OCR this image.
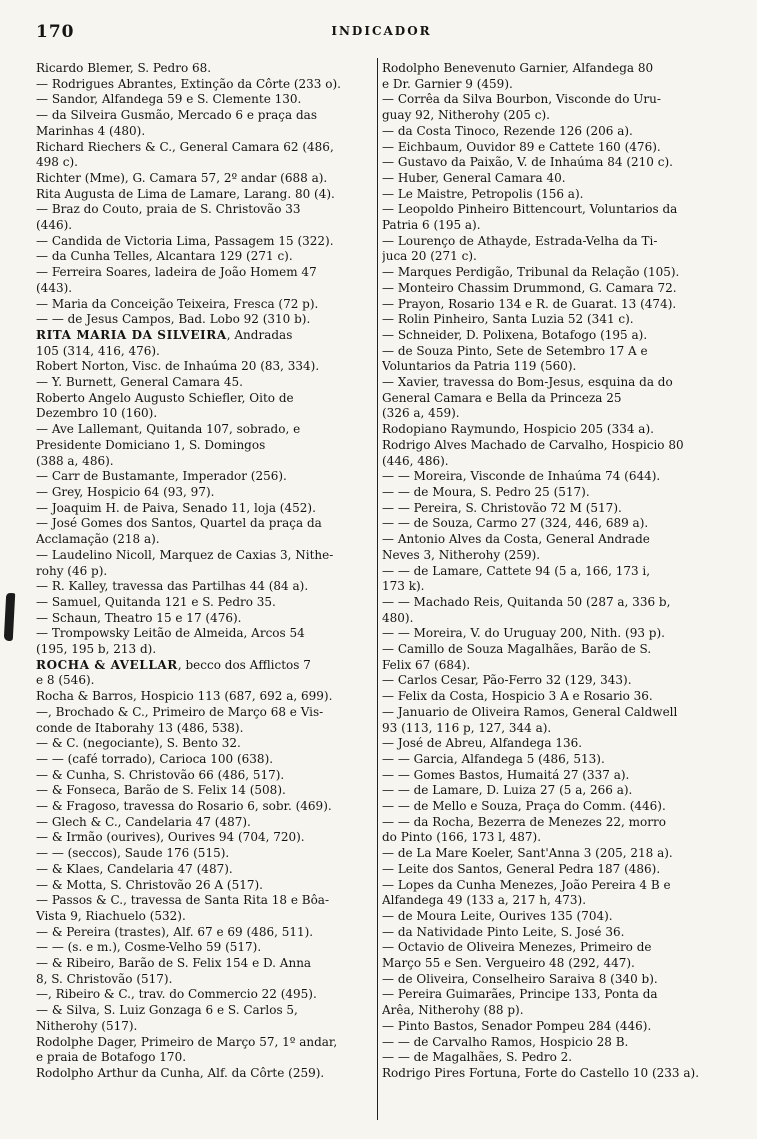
170	INDICADOR
Ricardo Blemer, S. Pedro 68.
— Rodrigues Abrantes, Extinção da Côrte (233 o).
— Sandor, Alfandega 59 e S. Clemente 130.
— da Silveira Gusmão, Mercado 6 e praça das
Marinhas 4 (480).
Richard Riechers & C., General Camara 62 (486,
498 c).
Richter (Mme), G. Camara 57, 2º andar (688 a).
Rita Augusta de Lima de Lamare, Larang. 80 (4).
— Braz do Couto, praia de S. Christovão 33
(446).
— Candida de Victoria Lima, Passagem 15 (322).
— da Cunha Telles, Alcantara 129 (271 c).
— Ferreira Soares, ladeira de João Homem 47
(443).
— Maria da Conceição Teixeira, Fresca (72 p).
— — de Jesus Campos, Bad. Lobo 92 (310 b).
RITA MARIA DA SILVEIRA, Andradas
105 (314, 416, 476).
Robert Norton, Visc. de Inhaúma 20 (83, 334).
— Y. Burnett, General Camara 45.
Roberto Angelo Augusto Schiefler, Oito de
Dezembro 10 (160).
— Ave Lallemant, Quitanda 107, sobrado, e
Presidente Domiciano 1, S. Domingos
(388 a, 486).
— Carr de Bustamante, Imperador (256).
— Grey, Hospicio 64 (93, 97).
— Joaquim H. de Paiva, Senado 11, loja (452).
— José Gomes dos Santos, Quartel da praça da
Acclamação (218 a).
— Laudelino Nicoll, Marquez de Caxias 3, Nithe-
rohy (46 p).
— R. Kalley, travessa das Partilhas 44 (84 a).
— Samuel, Quitanda 121 e S. Pedro 35.
— Schaun, Theatro 15 e 17 (476).
— Trompowsky Leitão de Almeida, Arcos 54
(195, 195 b, 213 d).
ROCHA & AVELLAR, becco dos Afflictos 7
e 8 (546).
Rocha & Barros, Hospicio 113 (687, 692 a, 699).
—, Brochado & C., Primeiro de Março 68 e Vis-
conde de Itaborahy 13 (486, 538).
— & C. (negociante), S. Bento 32.
— — (café torrado), Carioca 100 (638).
— & Cunha, S. Christovão 66 (486, 517).
— & Fonseca, Barão de S. Felix 14 (508).
— & Fragoso, travessa do Rosario 6, sobr. (469).
— Glech & C., Candelaria 47 (487).
— & Irmão (ourives), Ourives 94 (704, 720).
— — (seccos), Saude 176 (515).
— & Klaes, Candelaria 47 (487).
— & Motta, S. Christovão 26 A (517).
— Passos & C., travessa de Santa Rita 18 e Bôa-
Vista 9, Riachuelo (532).
— & Pereira (trastes), Alf. 67 e 69 (486, 511).
— — (s. e m.), Cosme-Velho 59 (517).
— & Ribeiro, Barão de S. Felix 154 e D. Anna
8, S. Christovão (517).
—, Ribeiro & C., trav. do Commercio 22 (495).
— & Silva, S. Luiz Gonzaga 6 e S. Carlos 5,
Nitherohy (517).
Rodolphe Dager, Primeiro de Março 57, 1º andar,
e praia de Botafogo 170.
Rodolpho Arthur da Cunha, Alf. da Côrte (259).
Rodolpho Benevenuto Garnier, Alfandega 80
e Dr. Garnier 9 (459).
— Corrêa da Silva Bourbon, Visconde do Uru-
guay 92, Nitherohy (205 c).
— da Costa Tinoco, Rezende 126 (206 a).
— Eichbaum, Ouvidor 89 e Cattete 160 (476).
— Gustavo da Paixão, V. de Inhaúma 84 (210 c).
— Huber, General Camara 40.
— Le Maistre, Petropolis (156 a).
— Leopoldo Pinheiro Bittencourt, Voluntarios da
Patria 6 (195 a).
— Lourenço de Athayde, Estrada-Velha da Ti-
juca 20 (271 c).
— Marques Perdigão, Tribunal da Relação (105).
— Monteiro Chassim Drummond, G. Camara 72.
— Prayon, Rosario 134 e R. de Guarat. 13 (474).
— Rolin Pinheiro, Santa Luzia 52 (341 c).
— Schneider, D. Polixena, Botafogo (195 a).
— de Souza Pinto, Sete de Setembro 17 A e
Voluntarios da Patria 119 (560).
— Xavier, travessa do Bom-Jesus, esquina da do
General Camara e Bella da Princeza 25
(326 a, 459).
Rodopiano Raymundo, Hospicio 205 (334 a).
Rodrigo Alves Machado de Carvalho, Hospicio 80
(446, 486).
— — Moreira, Visconde de Inhaúma 74 (644).
— — de Moura, S. Pedro 25 (517).
— — Pereira, S. Christovão 72 M (517).
— — de Souza, Carmo 27 (324, 446, 689 a).
— Antonio Alves da Costa, General Andrade
Neves 3, Nitherohy (259).
— — de Lamare, Cattete 94 (5 a, 166, 173 i,
173 k).
— — Machado Reis, Quitanda 50 (287 a, 336 b,
480).
— — Moreira, V. do Uruguay 200, Nith. (93 p).
— Camillo de Souza Magalhães, Barão de S.
Felix 67 (684).
— Carlos Cesar, Pão-Ferro 32 (129, 343).
— Felix da Costa, Hospicio 3 A e Rosario 36.
— Januario de Oliveira Ramos, General Caldwell
93 (113, 116 p, 127, 344 a).
— José de Abreu, Alfandega 136.
— — Garcia, Alfandega 5 (486, 513).
— — Gomes Bastos, Humaitá 27 (337 a).
— — de Lamare, D. Luiza 27 (5 a, 266 a).
— — de Mello e Souza, Praça do Comm. (446).
— — da Rocha, Bezerra de Menezes 22, morro
do Pinto (166, 173 l, 487).
— de La Mare Koeler, Sant'Anna 3 (205, 218 a).
— Leite dos Santos, General Pedra 187 (486).
— Lopes da Cunha Menezes, João Pereira 4 B e
Alfandega 49 (133 a, 217 h, 473).
— de Moura Leite, Ourives 135 (704).
— da Natividade Pinto Leite, S. José 36.
— Octavio de Oliveira Menezes, Primeiro de
Março 55 e Sen. Vergueiro 48 (292, 447).
— de Oliveira, Conselheiro Saraiva 8 (340 b).
— Pereira Guimarães, Principe 133, Ponta da
Arêa, Nitherohy (88 p).
— Pinto Bastos, Senador Pompeu 284 (446).
— — de Carvalho Ramos, Hospicio 28 B.
— — de Magalhães, S. Pedro 2.
Rodrigo Pires Fortuna, Forte do Castello 10 (233 a).
